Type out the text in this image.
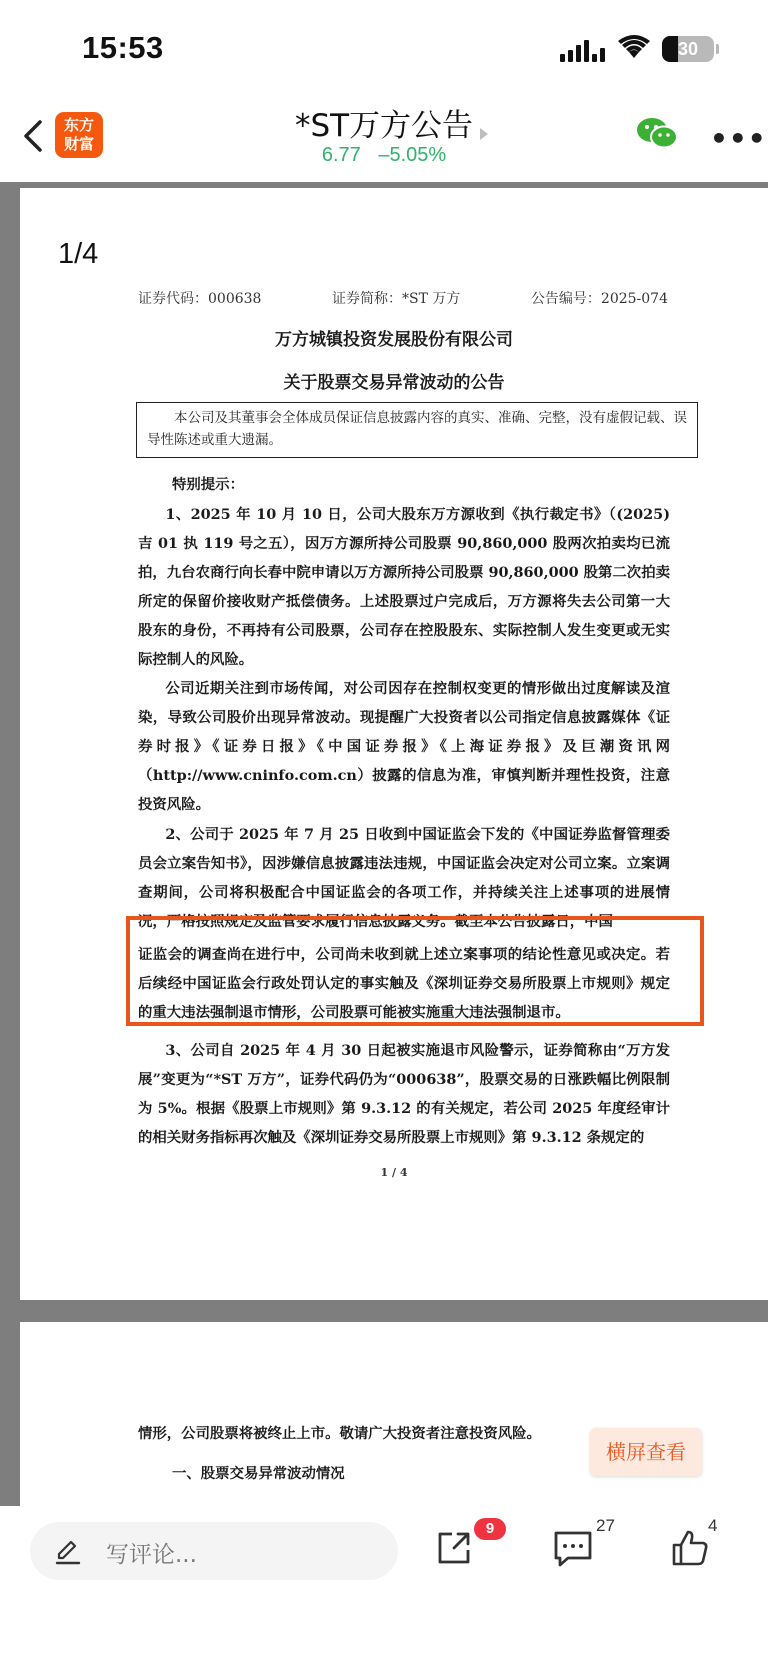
15:53	30
东方
财富	*ST万方公告
6.77 –5.05%	•••
1/4
证券代码：000638	证券简称：*ST 万方	公告编号：2025-074
万方城镇投资发展股份有限公司
关于股票交易异常波动的公告
本公司及其董事会全体成员保证信息披露内容的真实、准确、完整，没有虚假记载、误导性陈述或重大遗漏。
特别提示：
1、2025 年 10 月 10 日，公司大股东万方源收到《执行裁定书》（(2025)吉 01 执 119 号之五），因万方源所持公司股票 90,860,000 股两次拍卖均已流拍，九台农商行向长春中院申请以万方源所持公司股票 90,860,000 股第二次拍卖所定的保留价接收财产抵偿债务。上述股票过户完成后，万方源将失去公司第一大股东的身份，不再持有公司股票，公司存在控股股东、实际控制人发生变更或无实际控制人的风险。
公司近期关注到市场传闻，对公司因存在控制权变更的情形做出过度解读及渲染，导致公司股价出现异常波动。现提醒广大投资者以公司指定信息披露媒体《证券时报》《证券日报》《中国证券报》《上海证券报》及巨潮资讯网（http://www.cninfo.com.cn）披露的信息为准，审慎判断并理性投资，注意投资风险。
2、公司于 2025 年 7 月 25 日收到中国证监会下发的《中国证券监督管理委员会立案告知书》，因涉嫌信息披露违法违规，中国证监会决定对公司立案。立案调查期间，公司将积极配合中国证监会的各项工作，并持续关注上述事项的进展情况，严格按照规定及监管要求履行信息披露义务。截至本公告披露日，中国
证监会的调查尚在进行中，公司尚未收到就上述立案事项的结论性意见或决定。若后续经中国证监会行政处罚认定的事实触及《深圳证券交易所股票上市规则》规定的重大违法强制退市情形，公司股票可能被实施重大违法强制退市。
3、公司自 2025 年 4 月 30 日起被实施退市风险警示，证券简称由“万方发展”变更为“*ST 万方”，证券代码仍为“000638”，股票交易的日涨跌幅比例限制为 5%。根据《股票上市规则》第 9.3.12 的有关规定，若公司 2025 年度经审计的相关财务指标再次触及《深圳证券交易所股票上市规则》第 9.3.12 条规定的
1 / 4
情形，公司股票将被终止上市。敬请广大投资者注意投资风险。
一、股票交易异常波动情况
横屏查看
写评论...
9	27	4
